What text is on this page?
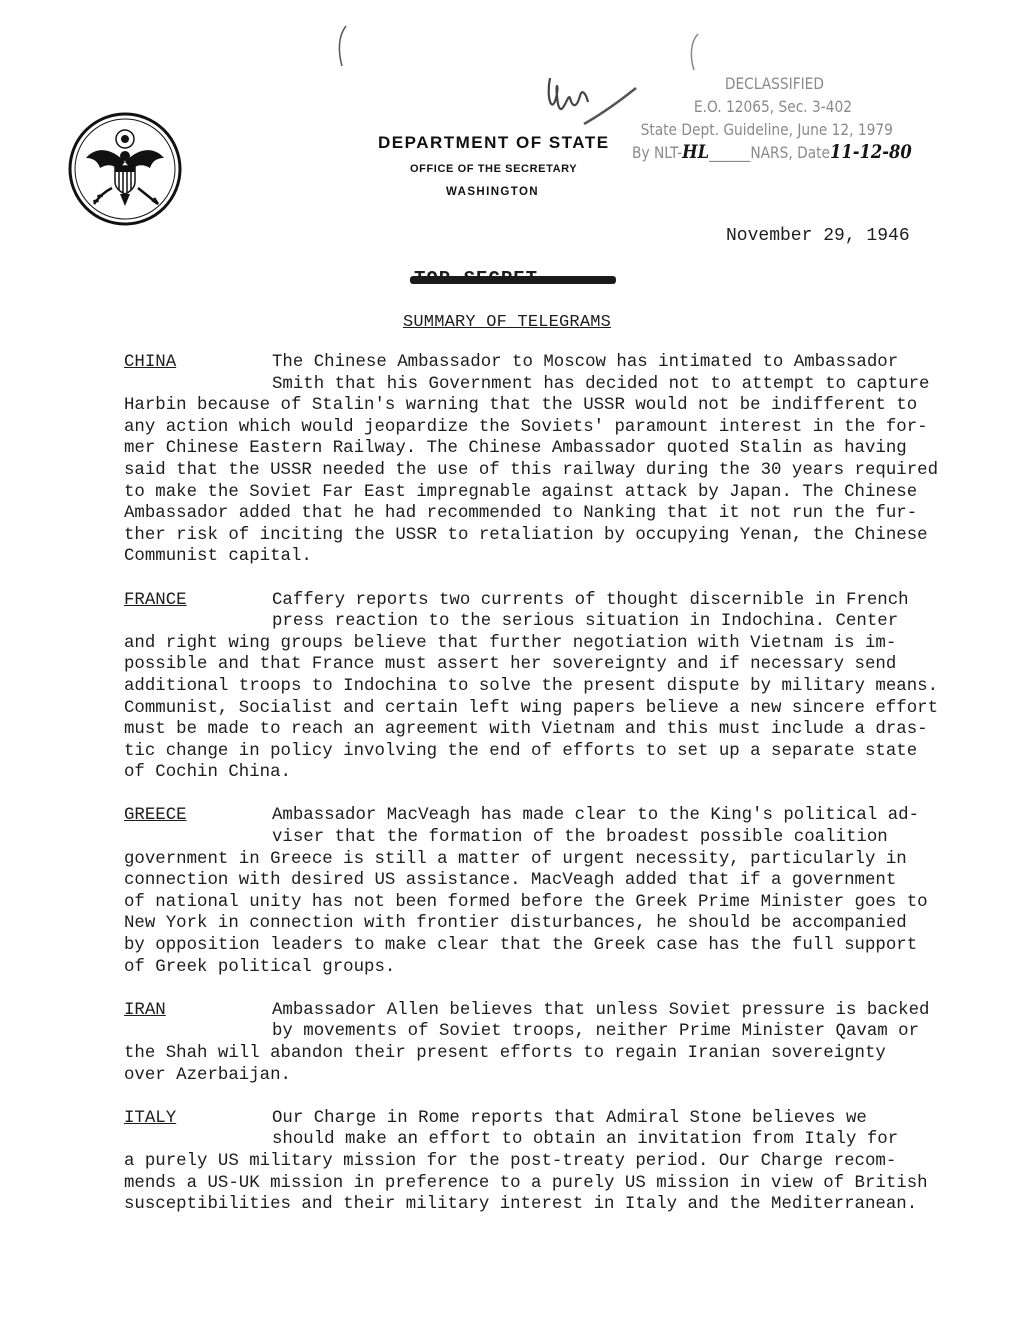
DEPARTMENT OF STATE
OFFICE OF THE SECRETARY
WASHINGTON
DECLASSIFIED
E.O. 12065, Sec. 3-402
State Dept. Guideline, June 12, 1979
By NLT-HL______NARS, Date11-12-80
November 29, 1946
SUMMARY OF TELEGRAMS
CHINA	The Chinese Ambassador to Moscow has intimated to Ambassador
Smith that his Government has decided not to attempt to capture
Harbin because of Stalin's warning that the USSR would not be indifferent to
any action which would jeopardize the Soviets' paramount interest in the for-
mer Chinese Eastern Railway. The Chinese Ambassador quoted Stalin as having
said that the USSR needed the use of this railway during the 30 years required
to make the Soviet Far East impregnable against attack by Japan. The Chinese
Ambassador added that he had recommended to Nanking that it not run the fur-
ther risk of inciting the USSR to retaliation by occupying Yenan, the Chinese
Communist capital.
FRANCE	Caffery reports two currents of thought discernible in French
press reaction to the serious situation in Indochina. Center
and right wing groups believe that further negotiation with Vietnam is im-
possible and that France must assert her sovereignty and if necessary send
additional troops to Indochina to solve the present dispute by military means.
Communist, Socialist and certain left wing papers believe a new sincere effort
must be made to reach an agreement with Vietnam and this must include a dras-
tic change in policy involving the end of efforts to set up a separate state
of Cochin China.
GREECE	Ambassador MacVeagh has made clear to the King's political ad-
viser that the formation of the broadest possible coalition
government in Greece is still a matter of urgent necessity, particularly in
connection with desired US assistance. MacVeagh added that if a government
of national unity has not been formed before the Greek Prime Minister goes to
New York in connection with frontier disturbances, he should be accompanied
by opposition leaders to make clear that the Greek case has the full support
of Greek political groups.
IRAN	Ambassador Allen believes that unless Soviet pressure is backed
by movements of Soviet troops, neither Prime Minister Qavam or
the Shah will abandon their present efforts to regain Iranian sovereignty
over Azerbaijan.
ITALY	Our Charge in Rome reports that Admiral Stone believes we
should make an effort to obtain an invitation from Italy for
a purely US military mission for the post-treaty period. Our Charge recom-
mends a US-UK mission in preference to a purely US mission in view of British
susceptibilities and their military interest in Italy and the Mediterranean.
